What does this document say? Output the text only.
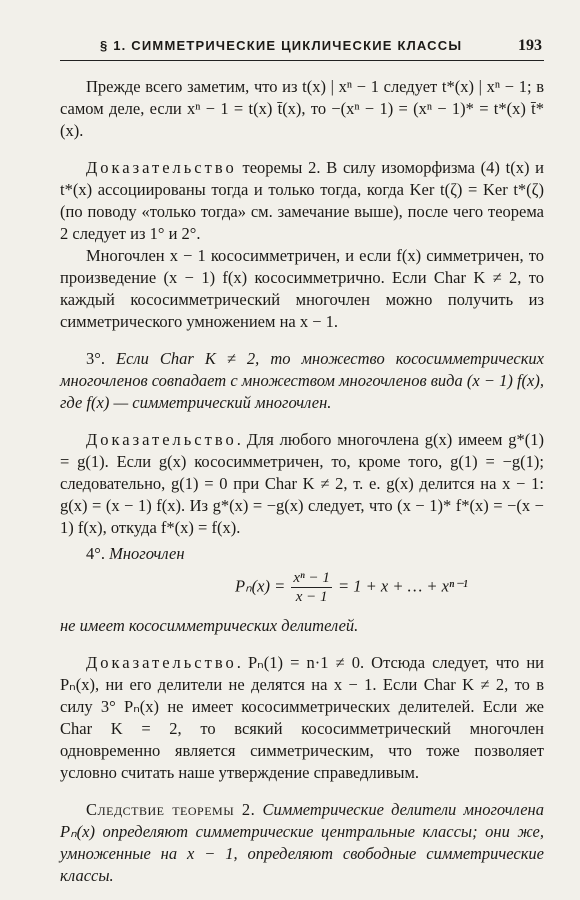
§ 1. СИММЕТРИЧЕСКИЕ ЦИКЛИЧЕСКИЕ КЛАССЫ	193

Прежде всего заметим, что из t(x) | xⁿ − 1 следует t*(x) | xⁿ − 1; в самом деле, если xⁿ − 1 = t(x) t̄(x), то −(xⁿ − 1) = (xⁿ − 1)* = t*(x) t̄*(x).

Доказательство теоремы 2. В силу изоморфизма (4) t(x) и t*(x) ассоциированы тогда и только тогда, когда Ker t(ζ) = Ker t*(ζ) (по поводу «только тогда» см. замечание выше), после чего теорема 2 следует из 1° и 2°.

Многочлен x − 1 кососимметричен, и если f(x) симметричен, то произведение (x − 1) f(x) кососимметрично. Если Char K ≠ 2, то каждый кососимметрический многочлен можно получить из симметрического умножением на x − 1.

3°. Если Char K ≠ 2, то множество кососимметрических многочленов совпадает с множеством многочленов вида (x − 1) f(x), где f(x) — симметрический многочлен.

Доказательство. Для любого многочлена g(x) имеем g*(1) = g(1). Если g(x) кососимметричен, то, кроме того, g(1) = −g(1); следовательно, g(1) = 0 при Char K ≠ 2, т. е. g(x) делится на x − 1: g(x) = (x − 1) f(x). Из g*(x) = −g(x) следует, что (x − 1)* f*(x) = −(x − 1) f(x), откуда f*(x) = f(x).

4°. Многочлен

$P_n(x) = \frac{\text{xⁿ − 1}}{x - 1} = 1 + x$ + … + xⁿ⁻¹

не имеет кососимметрических делителей.

Доказательство. Pₙ(1) = n·1 ≠ 0. Отсюда следует, что ни Pₙ(x), ни его делители не делятся на x − 1. Если Char K ≠ 2, то в силу 3° Pₙ(x) не имеет кососимметрических делителей. Если же Char K = 2, то всякий кососимметрический многочлен одновременно является симметрическим, что тоже позволяет условно считать наше утверждение справедливым.

Следствие теоремы 2. Симметрические делители многочлена Pₙ(x) определяют симметрические центральные классы; они же, умноженные на x − 1, определяют свободные симметрические классы.
